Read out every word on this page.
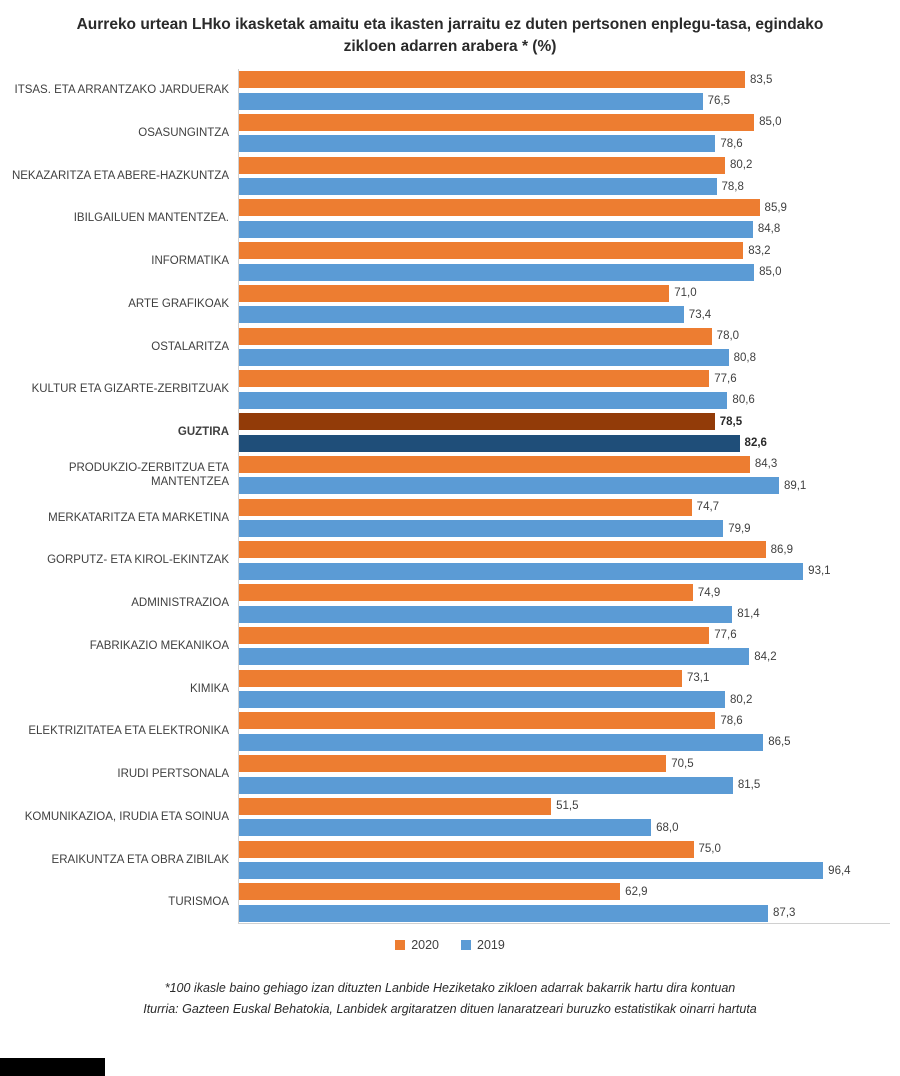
Aurreko urtean LHko ikasketak amaitu eta ikasten jarraitu ez duten pertsonen enplegu-tasa, egindako zikloen adarren arabera * (%)
ITSAS. ETA ARRANTZAKO JARDUERAK
OSASUNGINTZA
NEKAZARITZA ETA ABERE-HAZKUNTZA
IBILGAILUEN MANTENTZEA.
INFORMATIKA
ARTE GRAFIKOAK
OSTALARITZA
KULTUR ETA GIZARTE-ZERBITZUAK
GUZTIRA
PRODUKZIO-ZERBITZUA ETA MANTENTZEA
MERKATARITZA ETA MARKETINA
GORPUTZ- ETA KIROL-EKINTZAK
ADMINISTRAZIOA
FABRIKAZIO MEKANIKOA
KIMIKA
ELEKTRIZITATEA ETA ELEKTRONIKA
IRUDI PERTSONALA
KOMUNIKAZIOA, IRUDIA ETA SOINUA
ERAIKUNTZA ETA OBRA ZIBILAK
TURISMOA
83,5
76,5
85,0
78,6
80,2
78,8
85,9
84,8
83,2
85,0
71,0
73,4
78,0
80,8
77,6
80,6
78,5
82,6
84,3
89,1
74,7
79,9
86,9
93,1
74,9
81,4
77,6
84,2
73,1
80,2
78,6
86,5
70,5
81,5
51,5
68,0
75,0
96,4
62,9
87,3
2020	2019
*100 ikasle baino gehiago izan dituzten Lanbide Heziketako zikloen adarrak bakarrik hartu dira kontuan
Iturria: Gazteen Euskal Behatokia, Lanbidek argitaratzen dituen lanaratzeari buruzko estatistikak oinarri hartuta
